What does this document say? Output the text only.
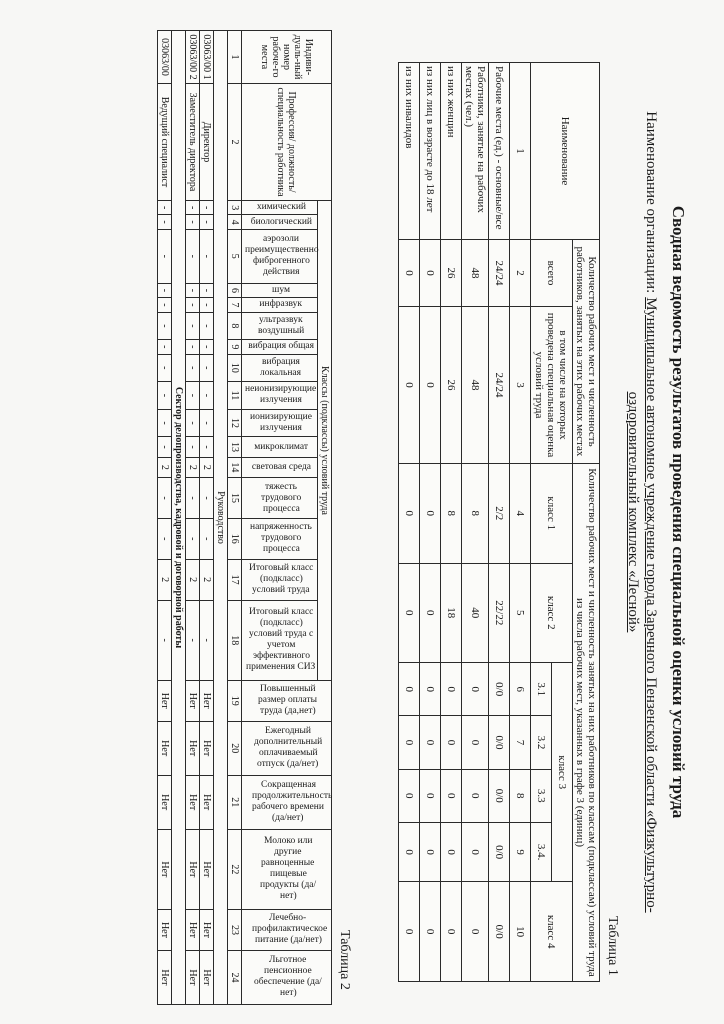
Сводная ведомость результатов проведения специальной оценки условий труда

Наименование организации:Муниципальное автономное учреждение города Заречного Пензенской области «Физкультурно-оздоровительный комплекс «Лесной»

Таблица 1
Наименование	Количество рабочих мест и численность работников, занятых на этих рабочих местах		Количество рабочих мест и численность занятых на них работников по классам (подклассам) условий труда из числа рабочих мест, указанных в графе 3 (единиц)						
	всего	в том числе на которых проведена специальная оценка условий труда	класс 1	класс 2	класс 3				класс 4
					3.1	3.2	3.3	3.4.	
1	2	3	4	5	6	7	8	9	10
Рабочие места (ед.) - основные/все	24/24	24/24	2/2	22/22	0/0	0/0	0/0	0/0	0/0
Работники, занятые на рабочих местах (чел.)	48	48	8	40	0	0	0	0	0
из них женщин	26	26	8	18	0	0	0	0	0
из них лиц в возрасте до 18 лет	0	0	0	0	0	0	0	0	0
из них инвалидов	0	0	0	0	0	0	0	0	0
Таблица 2
Индиви-дуаль-ный номер рабоче-го места	Профессия/ должность/ специальность работника	Классы (подклассы) условий труда																Повышенный размер оплаты труда (да,нет)	Ежегодный дополнительный оплачиваемый отпуск (да/нет)	Сокращенная продолжительность рабочего времени (да/нет)	Молоко или другие равноценные пищевые продукты (да/нет)	Лечебно-профилактическое питание (да/нет)	Льготное пенсионное обеспечение (да/нет)
		химический	биологический	аэрозоли преимущественно фиброгенного действия	шум	инфразвук	ультразвук воздушный	вибрация общая	вибрация локальная	неионизирующие излучения	ионизирующие излучения	микроклимат	световая среда	тяжесть трудового процесса	напряженность трудового процесса	Итоговый класс (подкласс) условий труда	Итоговый класс (подкласс) условий труда с учетом эффективного применения СИЗ						
1	2	3	4	5	6	7	8	9	10	11	12	13	14	15	16	17	18	19	20	21	22	23	24
Руководство																							
03063/00 1	Директор	-	-	-	-	-	-	-	-	-	-	-	2	-	-	2	-	Нет	Нет	Нет	Нет	Нет	Нет
03063/00 2	Заместитель директора	-	-	-	-	-	-	-	-	-	-	-	2	-	-	2	-	Нет	Нет	Нет	Нет	Нет	Нет
Сектор делопроизводства, кадровой и договорной работы																							
03063/00	Ведущий специалист	-	-	-	-	-	-	-	-	-	-	-	2	-	-	2	-	Нет	Нет	Нет	Нет	Нет	Нет
